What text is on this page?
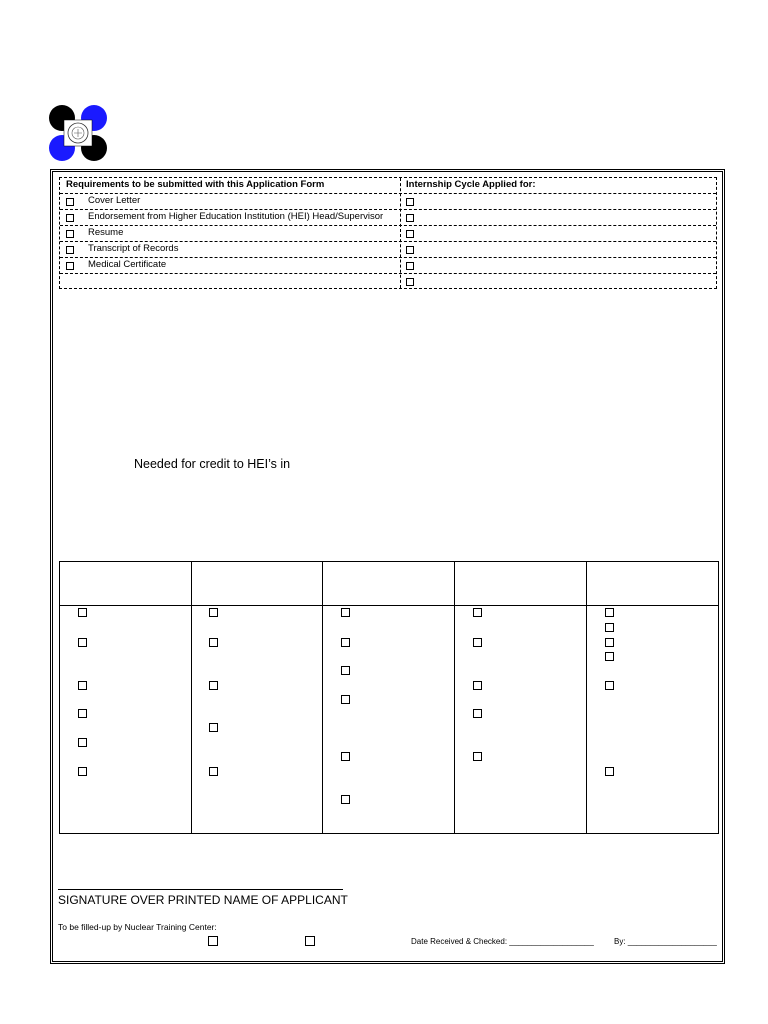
Requirements to be submitted with this Application Form	Internship Cycle Applied for:
Cover Letter
Endorsement from Higher Education Institution (HEI) Head/Supervisor
Resume
Transcript of Records
Medical Certificate
Needed for credit to HEI’s in
SIGNATURE OVER PRINTED NAME OF APPLICANT
To be filled-up by Nuclear Training Center:
Date Received & Checked: ___________________	By: ____________________
